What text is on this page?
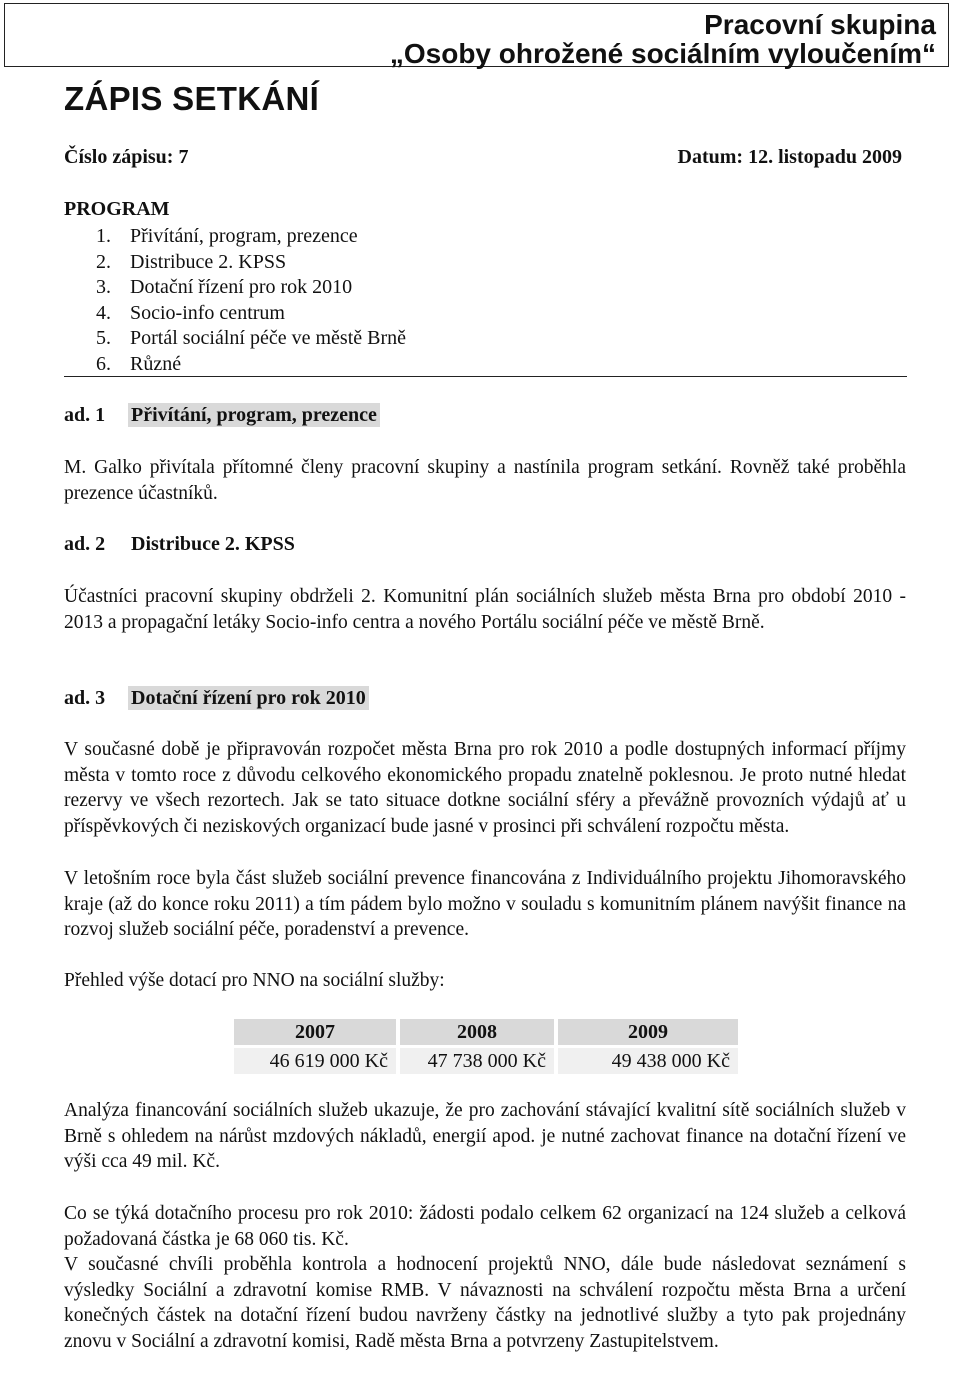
Pracovní skupina
„Osoby ohrožené sociálním vyloučením“
ZÁPIS SETKÁNÍ
Číslo zápisu: 7	Datum: 12. listopadu 2009
PROGRAM
1. Přivítání, program, prezence
2. Distribuce 2. KPSS
3. Dotační řízení pro rok 2010
4. Socio-info centrum
5. Portál sociální péče ve městě Brně
6. Různé
ad. 1 Přivítání, program, prezence

M. Galko přivítala přítomné členy pracovní skupiny a nastínila program setkání. Rovněž také proběhla prezence účastníků.

ad. 2 Distribuce 2. KPSS

Účastníci pracovní skupiny obdrželi 2. Komunitní plán sociálních služeb města Brna pro období 2010 - 2013 a propagační letáky Socio-info centra a nového Portálu sociální péče ve městě Brně.

ad. 3 Dotační řízení pro rok 2010

V současné době je připravován rozpočet města Brna pro rok 2010 a podle dostupných informací příjmy města v tomto roce z důvodu celkového ekonomického propadu znatelně poklesnou. Je proto nutné hledat rezervy ve všech rezortech. Jak se tato situace dotkne sociální sféry a převážně provozních výdajů ať u příspěvkových či neziskových organizací bude jasné v prosinci při schválení rozpočtu města.

V letošním roce byla část služeb sociální prevence financována z Individuálního projektu Jihomoravského kraje (až do konce roku 2011) a tím pádem bylo možno v souladu s komunitním plánem navýšit finance na rozvoj služeb sociální péče, poradenství a prevence.

Přehled výše dotací pro NNO na sociální služby:

2007	2008	2009
46 619 000 Kč	47 738 000 Kč	49 438 000 Kč

Analýza financování sociálních služeb ukazuje, že pro zachování stávající kvalitní sítě sociálních služeb v Brně s ohledem na nárůst mzdových nákladů, energií apod. je nutné zachovat finance na dotační řízení ve výši cca 49 mil. Kč.

Co se týká dotačního procesu pro rok 2010: žádosti podalo celkem 62 organizací na 124 služeb a celková požadovaná částka je 68 060 tis. Kč.

V současné chvíli proběhla kontrola a hodnocení projektů NNO, dále bude následovat seznámení s výsledky Sociální a zdravotní komise RMB. V návaznosti na schválení rozpočtu města Brna a určení konečných částek na dotační řízení budou navrženy částky na jednotlivé služby a tyto pak projednány znovu v Sociální a zdravotní komisi, Radě města Brna a potvrzeny Zastupitelstvem.
